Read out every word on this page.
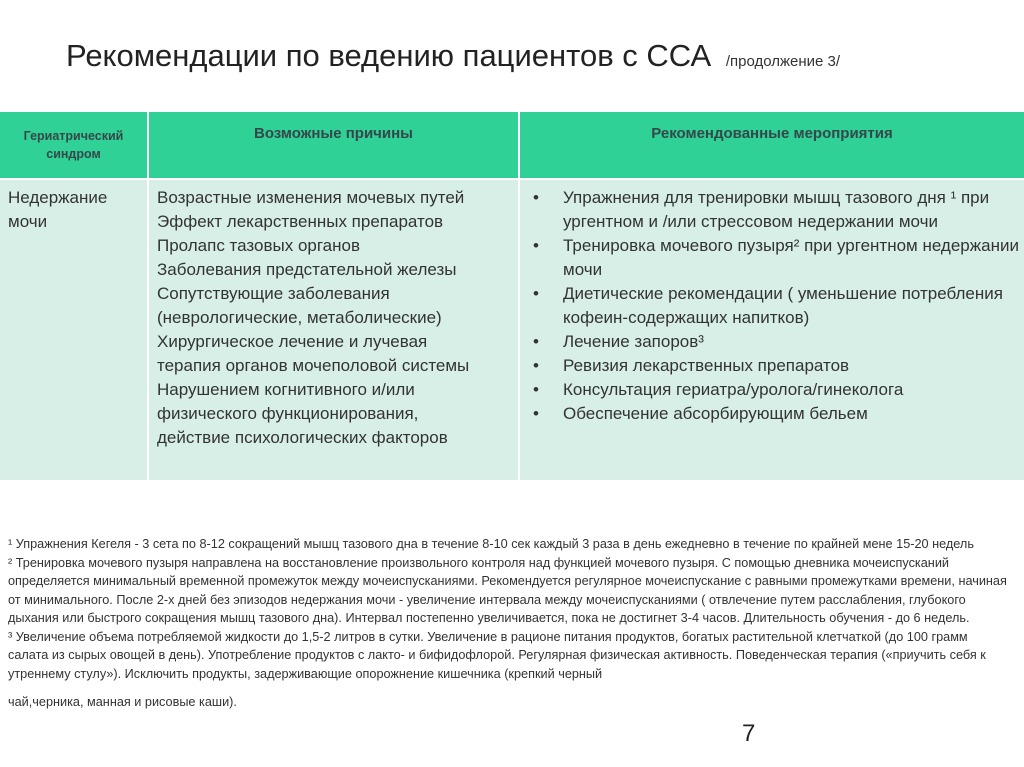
Рекомендации по ведению пациентов с ССА /продолжение 3/
Гериатрический синдром
Возможные причины	Рекомендованные мероприятия
Недержание мочи
Возрастные изменения мочевых путей
Эффект лекарственных препаратов
Пролапс тазовых органов
Заболевания предстательной железы
Сопутствующие заболевания
(неврологические, метаболические)
Хирургическое лечение и лучевая
терапия органов мочеполовой системы
Нарушением когнитивного и/или
физического функционирования,
действие психологических факторов
• Упражнения для тренировки мышц тазового дня ¹ при ургентном и /или стрессовом недержании мочи
• Тренировка мочевого пузыря² при ургентном недержании мочи
• Диетические рекомендации ( уменьшение потребления кофеин-содержащих напитков)
• Лечение запоров³
• Ревизия лекарственных препаратов
• Консультация гериатра/уролога/гинеколога
• Обеспечение абсорбирующим бельем

¹ Упражнения Кегеля - 3 сета по 8-12 сокращений мышц тазового дна в течение 8-10 сек каждый 3 раза в день ежедневно в течение по крайней мене 15-20 недель

² Тренировка мочевого пузыря направлена на восстановление произвольного контроля над функцией мочевого пузыря. С помощью дневника мочеиспусканий определяется минимальный временной промежуток между мочеиспусканиями. Рекомендуется регулярное мочеиспускание с равными промежутками времени, начиная от минимального. После 2-х дней без эпизодов недержания мочи - увеличение интервала между мочеиспусканиями ( отвлечение путем расслабления, глубокого дыхания или быстрого сокращения мышц тазового дна). Интервал постепенно увеличивается, пока не достигнет 3-4 часов. Длительность обучения - до 6 недель.

³ Увеличение объема потребляемой жидкости до 1,5-2 литров в сутки. Увеличение в рационе питания продуктов, богатых растительной клетчаткой (до 100 грамм салата из сырых овощей в день). Употребление продуктов с лакто- и бифидофлорой. Регулярная физическая активность. Поведенческая терапия («приучить себя к утреннему стулу»). Исключить продукты, задерживающие опорожнение кишечника (крепкий черный

чай,черника, манная и рисовые каши).

7
